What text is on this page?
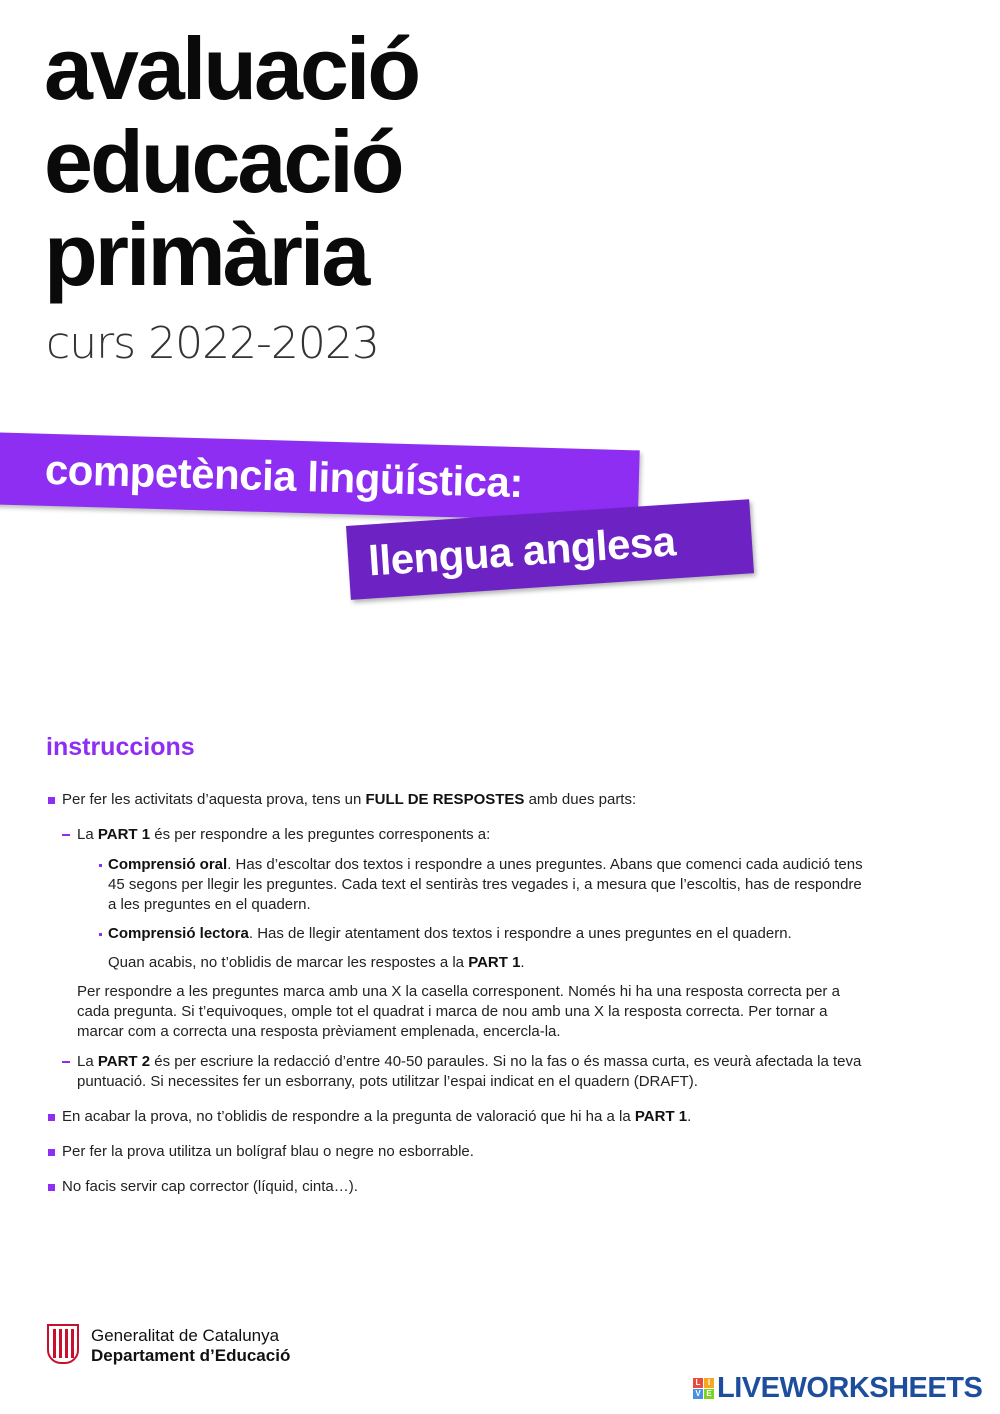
avaluació
educació
primària
curs 2022-2023
competència lingüística:
llengua anglesa
instruccions
Per fer les activitats d’aquesta prova, tens un FULL DE RESPOSTES amb dues parts:
La PART 1 és per respondre a les preguntes corresponents a:
Comprensió oral. Has d’escoltar dos textos i respondre a unes preguntes. Abans que comenci cada audició tens 45 segons per llegir les preguntes. Cada text el sentiràs tres vegades i, a mesura que l’escoltis, has de respondre a les preguntes en el quadern.
Comprensió lectora. Has de llegir atentament dos textos i respondre a unes preguntes en el quadern.
Quan acabis, no t’oblidis de marcar les respostes a la PART 1.
Per respondre a les preguntes marca amb una X la casella corresponent. Només hi ha una resposta correcta per a cada pregunta. Si t’equivoques, omple tot el quadrat i marca de nou amb una X la resposta correcta. Per tornar a marcar com a correcta una resposta prèviament emplenada, encercla-la.
La PART 2 és per escriure la redacció d’entre 40-50 paraules. Si no la fas o és massa curta, es veurà afectada la teva puntuació. Si necessites fer un esborrany, pots utilitzar l’espai indicat en el quadern (DRAFT).
En acabar la prova, no t’oblidis de respondre a la pregunta de valoració que hi ha a la PART 1.
Per fer la prova utilitza un bolígraf blau o negre no esborrable.
No facis servir cap corrector (líquid, cinta…).
Generalitat de Catalunya
Departament d’Educació
L I
V E LIVEWORKSHEETS
